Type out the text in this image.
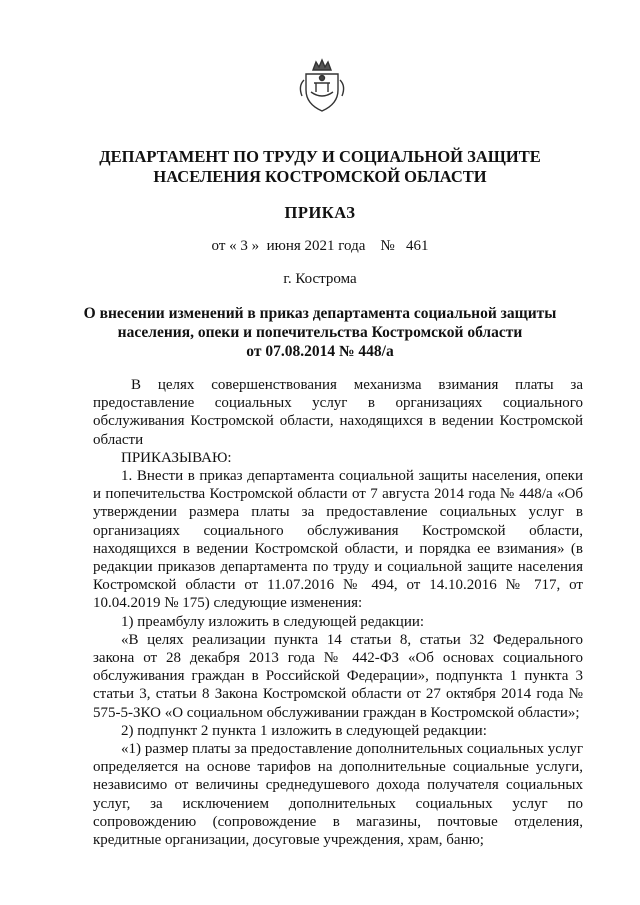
ДЕПАРТАМЕНТ ПО ТРУДУ И СОЦИАЛЬНОЙ ЗАЩИТЕ
НАСЕЛЕНИЯ КОСТРОМСКОЙ ОБЛАСТИ
ПРИКАЗ
от « 3 »  июня 2021 года № 461
г. Кострома
О внесении изменений в приказ департамента социальной защиты
населения, опеки и попечительства Костромской области
от 07.08.2014 № 448/а

В целях совершенствования механизма взимания платы за предоставление социальных услуг в организациях социального обслуживания Костромской области, находящихся в ведении Костромской области

ПРИКАЗЫВАЮ:

1. Внести в приказ департамента социальной защиты населения, опеки и попечительства Костромской области от 7 августа 2014 года № 448/а «Об утверждении размера платы за предоставление социальных услуг в организациях социального обслуживания Костромской области, находящихся в ведении Костромской области, и порядка ее взимания» (в редакции приказов департамента по труду и социальной защите населения Костромской области от 11.07.2016 № 494, от 14.10.2016 № 717, от 10.04.2019 № 175) следующие изменения:

1) преамбулу изложить в следующей редакции:

«В целях реализации пункта 14 статьи 8, статьи 32 Федерального закона от 28 декабря 2013 года № 442-ФЗ «Об основах социального обслуживания граждан в Российской Федерации», подпункта 1 пункта 3 статьи 3, статьи 8 Закона Костромской области от 27 октября 2014 года № 575-5-ЗКО «О социальном обслуживании граждан в Костромской области»;

2) подпункт 2 пункта 1 изложить в следующей редакции:

«1) размер платы за предоставление дополнительных социальных услуг определяется на основе тарифов на дополнительные социальные услуги, независимо от величины среднедушевого дохода получателя социальных услуг, за исключением дополнительных социальных услуг по сопровождению (сопровождение в магазины, почтовые отделения, кредитные организации, досуговые учреждения, храм, баню;
